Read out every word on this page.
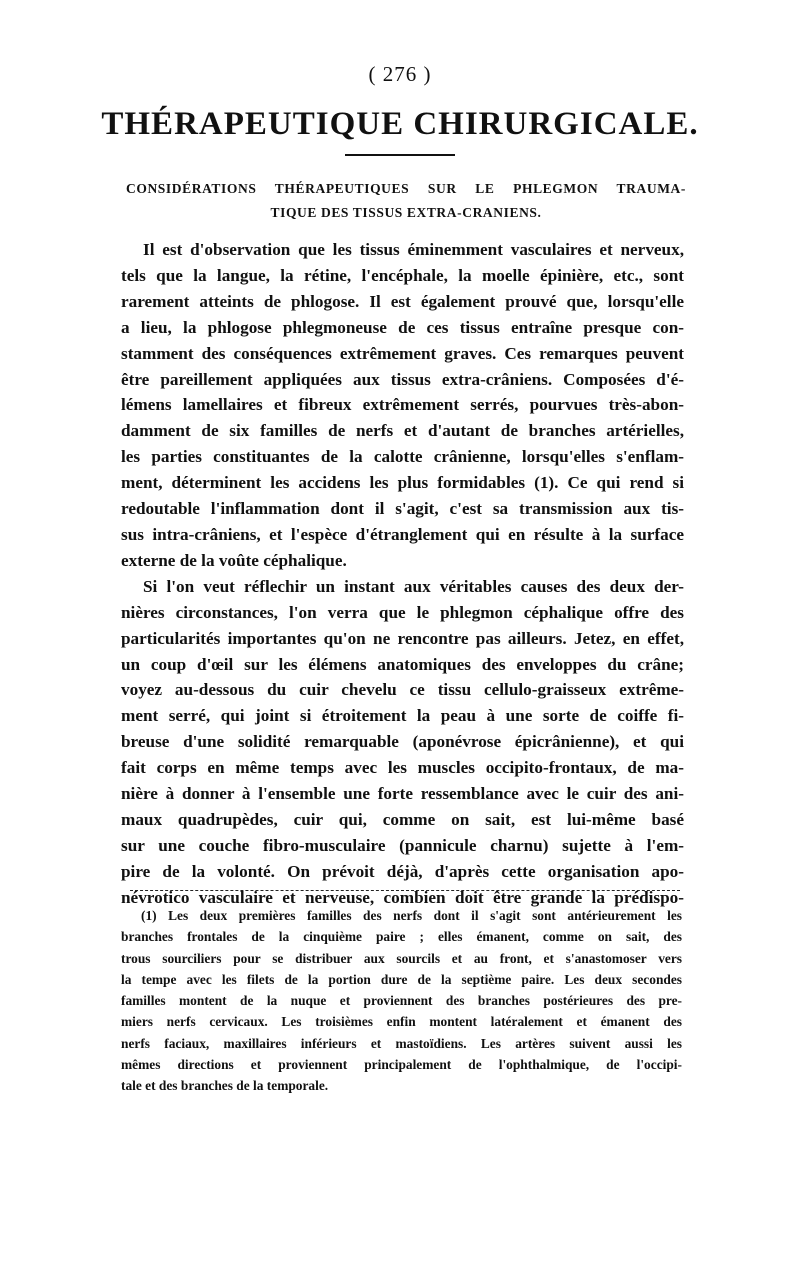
( 276 )
THÉRAPEUTIQUE CHIRURGICALE.
CONSIDÉRATIONS THÉRAPEUTIQUES SUR LE PHLEGMON TRAUMA-
TIQUE DES TISSUS EXTRA-CRANIENS.
Il est d'observation que les tissus éminemment vasculaires et nerveux,
tels que la langue, la rétine, l'encéphale, la moelle épinière, etc., sont
rarement atteints de phlogose. Il est également prouvé que, lorsqu'elle
a lieu, la phlogose phlegmoneuse de ces tissus entraîne presque con-
stamment des conséquences extrêmement graves. Ces remarques peuvent
être pareillement appliquées aux tissus extra-crâniens. Composées d'é-
lémens lamellaires et fibreux extrêmement serrés, pourvues très-abon-
damment de six familles de nerfs et d'autant de branches artérielles,
les parties constituantes de la calotte crânienne, lorsqu'elles s'enflam-
ment, déterminent les accidens les plus formidables (1). Ce qui rend si
redoutable l'inflammation dont il s'agit, c'est sa transmission aux tis-
sus intra-crâniens, et l'espèce d'étranglement qui en résulte à la surface
externe de la voûte céphalique.
Si l'on veut réflechir un instant aux véritables causes des deux der-
nières circonstances, l'on verra que le phlegmon céphalique offre des
particularités importantes qu'on ne rencontre pas ailleurs. Jetez, en effet,
un coup d'œil sur les élémens anatomiques des enveloppes du crâne;
voyez au-dessous du cuir chevelu ce tissu cellulo-graisseux extrême-
ment serré, qui joint si étroitement la peau à une sorte de coiffe fi-
breuse d'une solidité remarquable (aponévrose épicrânienne), et qui
fait corps en même temps avec les muscles occipito-frontaux, de ma-
nière à donner à l'ensemble une forte ressemblance avec le cuir des ani-
maux quadrupèdes, cuir qui, comme on sait, est lui-même basé
sur une couche fibro-musculaire (pannicule charnu) sujette à l'em-
pire de la volonté. On prévoit déjà, d'après cette organisation apo-
névrotico vasculaire et nerveuse, combien doit être grande la prédispo-
(1) Les deux premières familles des nerfs dont il s'agit sont antérieurement les
branches frontales de la cinquième paire ; elles émanent, comme on sait, des
trous sourciliers pour se distribuer aux sourcils et au front, et s'anastomoser vers
la tempe avec les filets de la portion dure de la septième paire. Les deux secondes
familles montent de la nuque et proviennent des branches postérieures des pre-
miers nerfs cervicaux. Les troisièmes enfin montent latéralement et émanent des
nerfs faciaux, maxillaires inférieurs et mastoïdiens. Les artères suivent aussi les
mêmes directions et proviennent principalement de l'ophthalmique, de l'occipi-
tale et des branches de la temporale.
